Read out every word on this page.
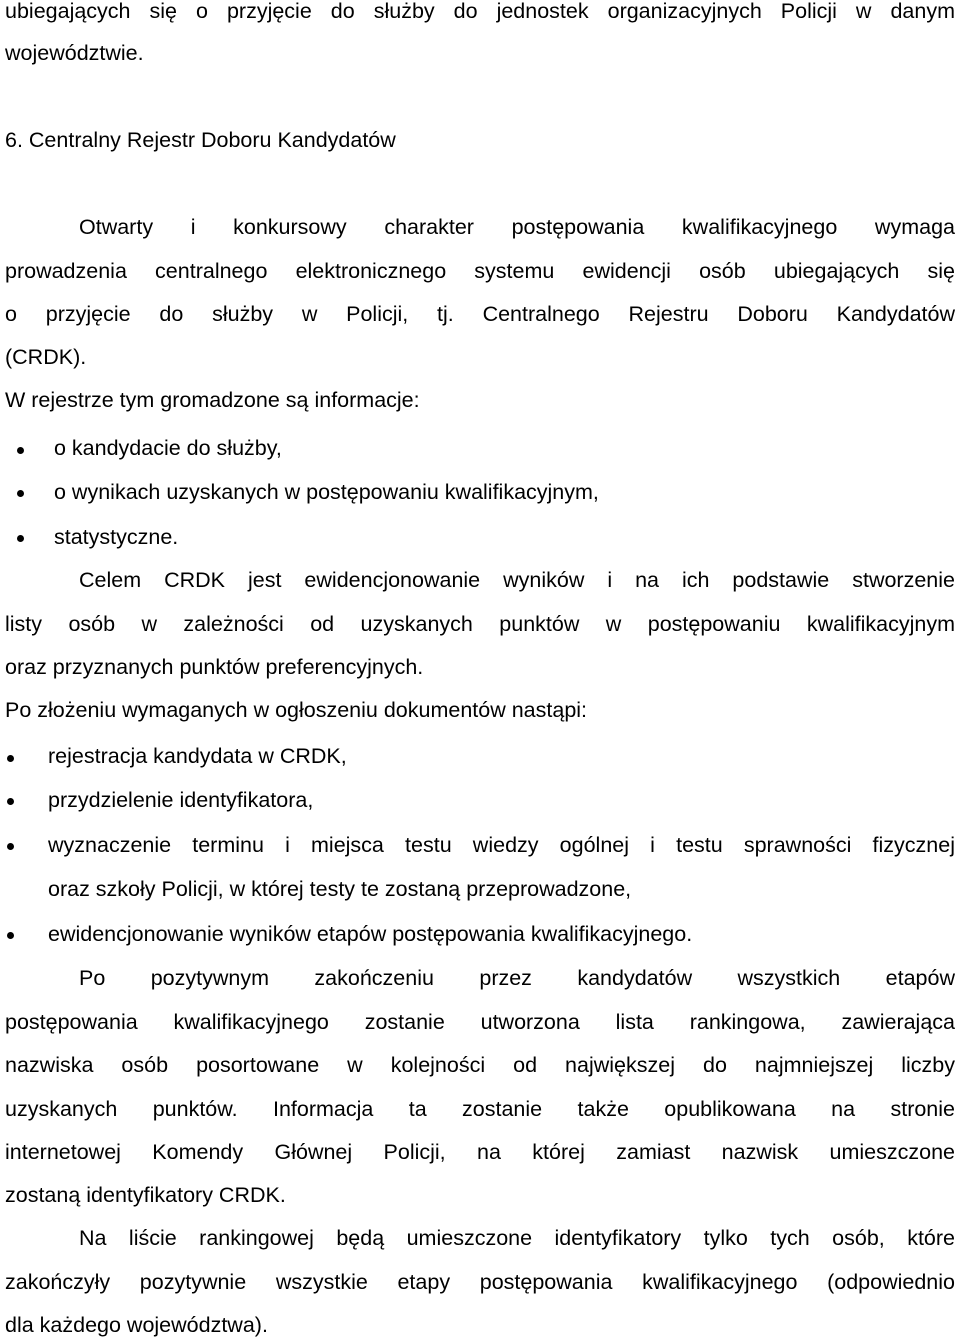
ubiegających się o przyjęcie do służby do jednostek organizacyjnych Policji w danym
województwie.
6. Centralny Rejestr Doboru Kandydatów
Otwarty i konkursowy charakter postępowania kwalifikacyjnego wymaga
prowadzenia centralnego elektronicznego systemu ewidencji osób ubiegających się
o przyjęcie do służby w Policji, tj. Centralnego Rejestru Doboru Kandydatów
(CRDK).
W rejestrze tym gromadzone są informacje:
o kandydacie do służby,
o wynikach uzyskanych w postępowaniu kwalifikacyjnym,
statystyczne.
Celem CRDK jest ewidencjonowanie wyników i na ich podstawie stworzenie
listy osób w zależności od uzyskanych punktów w postępowaniu kwalifikacyjnym
oraz przyznanych punktów preferencyjnych.
Po złożeniu wymaganych w ogłoszeniu dokumentów nastąpi:
rejestracja kandydata w CRDK,
przydzielenie identyfikatora,
wyznaczenie terminu i miejsca testu wiedzy ogólnej i testu sprawności fizycznej
oraz szkoły Policji, w której testy te zostaną przeprowadzone,
ewidencjonowanie wyników etapów postępowania kwalifikacyjnego.
Po pozytywnym zakończeniu przez kandydatów wszystkich etapów
postępowania kwalifikacyjnego zostanie utworzona lista rankingowa, zawierająca
nazwiska osób posortowane w kolejności od największej do najmniejszej liczby
uzyskanych punktów. Informacja ta zostanie także opublikowana na stronie
internetowej Komendy Głównej Policji, na której zamiast nazwisk umieszczone
zostaną identyfikatory CRDK.
Na liście rankingowej będą umieszczone identyfikatory tylko tych osób, które
zakończyły pozytywnie wszystkie etapy postępowania kwalifikacyjnego (odpowiednio
dla każdego województwa).
